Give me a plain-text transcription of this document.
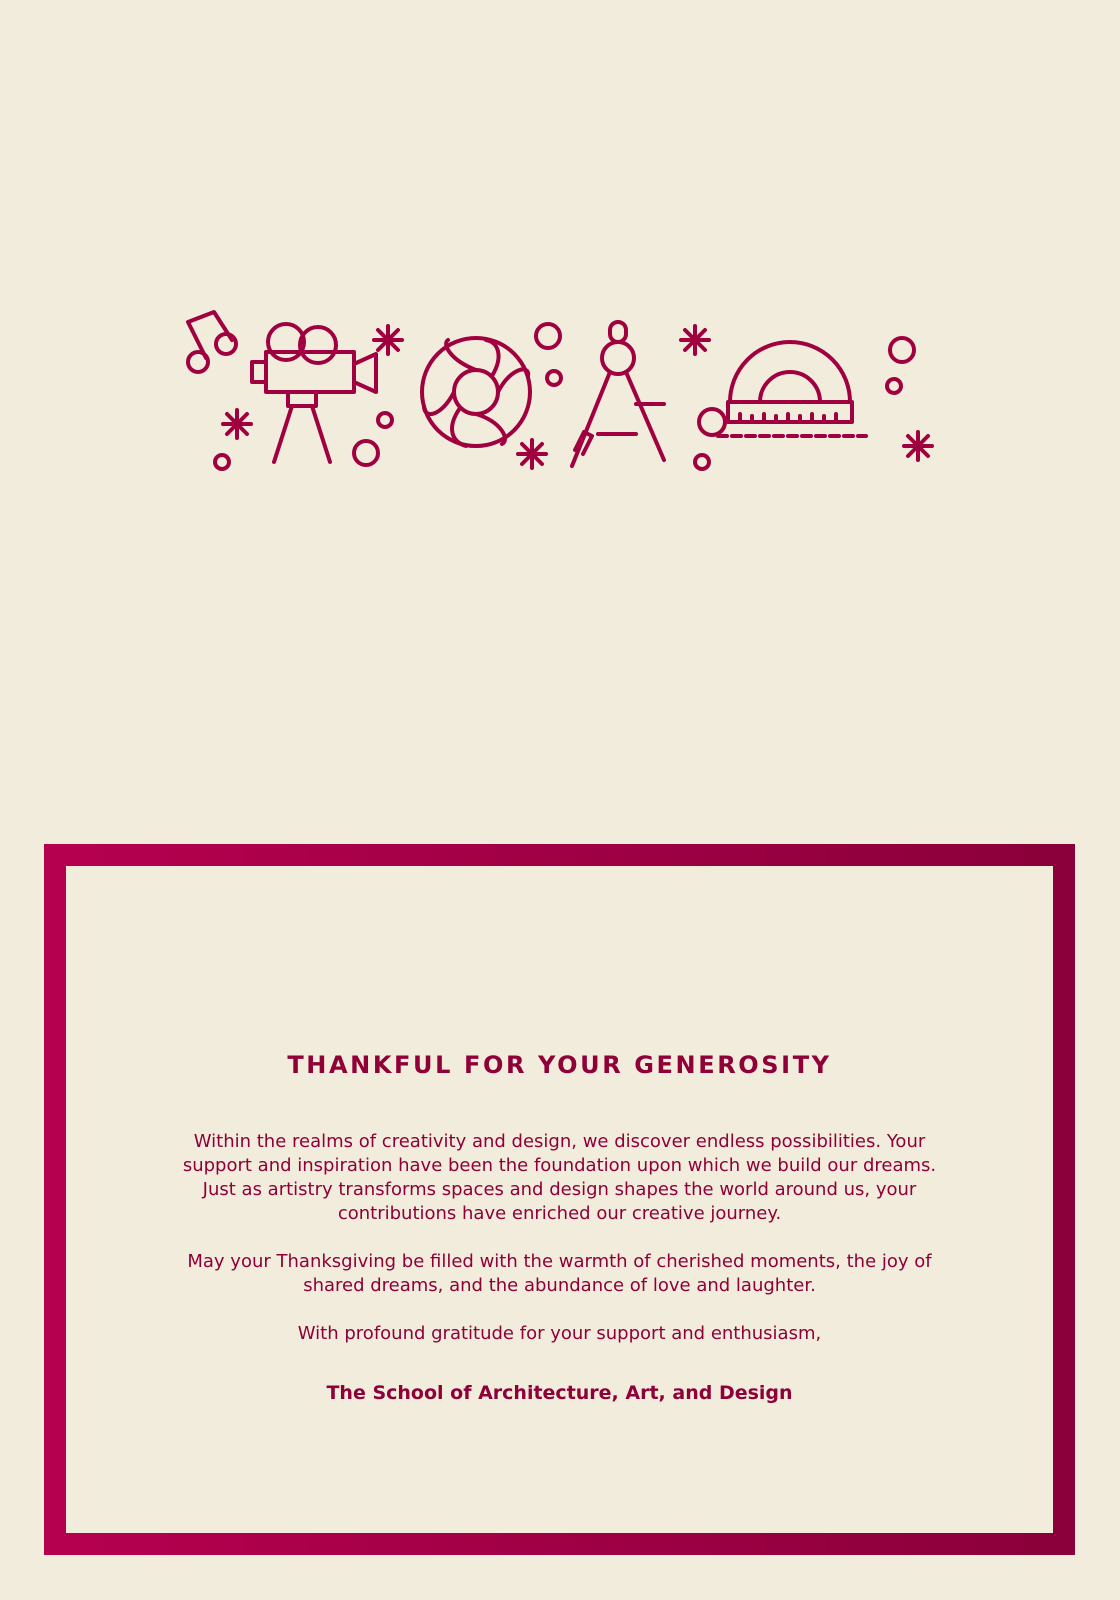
THANKFUL FOR YOUR GENEROSITY
Within the realms of creativity and design, we discover endless possibilities. Your support and inspiration have been the foundation upon which we build our dreams. Just as artistry transforms spaces and design shapes the world around us, your contributions have enriched our creative journey.
May your Thanksgiving be filled with the warmth of cherished moments, the joy of shared dreams, and the abundance of love and laughter.
With profound gratitude for your support and enthusiasm,
The School of Architecture, Art, and Design
